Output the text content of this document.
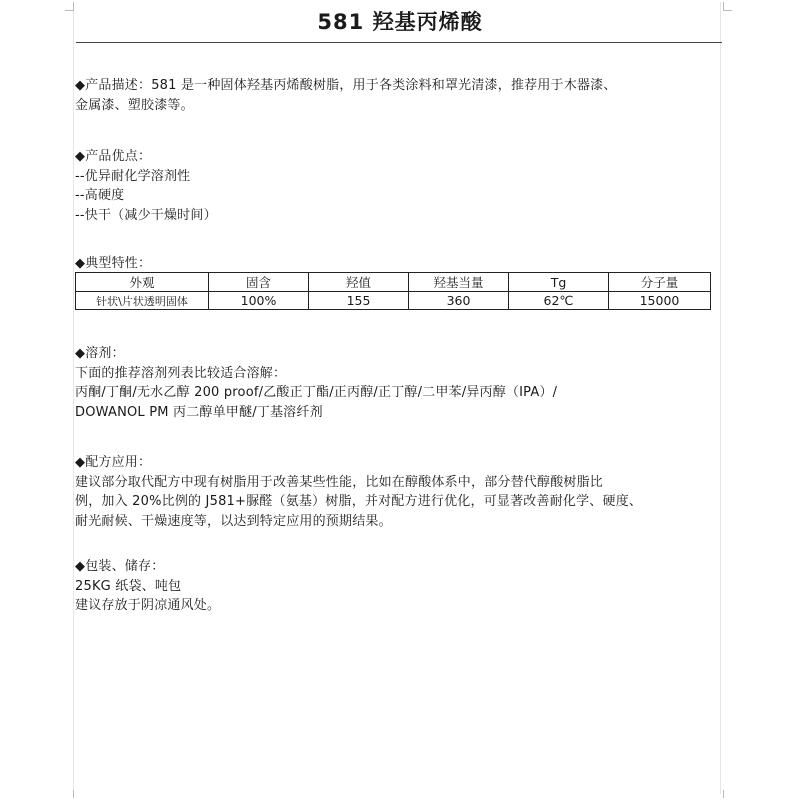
581 羟基丙烯酸
◆产品描述：581 是一种固体羟基丙烯酸树脂，用于各类涂料和罩光清漆，推荐用于木器漆、
金属漆、塑胶漆等。
◆产品优点：
--优异耐化学溶剂性
--高硬度
--快干（减少干燥时间）
◆典型特性：
外观	固含	羟值	羟基当量	Tg	分子量
针状\片状透明固体	100%	155	360	62℃	15000
◆溶剂：
下面的推荐溶剂列表比较适合溶解：
丙酮/丁酮/无水乙醇 200 proof/乙酸正丁酯/正丙醇/正丁醇/二甲苯/异丙醇（IPA）/
DOWANOL PM 丙二醇单甲醚/丁基溶纤剂
◆配方应用：
建议部分取代配方中现有树脂用于改善某些性能，比如在醇酸体系中，部分替代醇酸树脂比
例，加入 20%比例的 J581+脲醛（氨基）树脂，并对配方进行优化，可显著改善耐化学、硬度、
耐光耐候、干燥速度等，以达到特定应用的预期结果。
◆包装、储存：
25KG 纸袋、吨包
建议存放于阴凉通风处。
